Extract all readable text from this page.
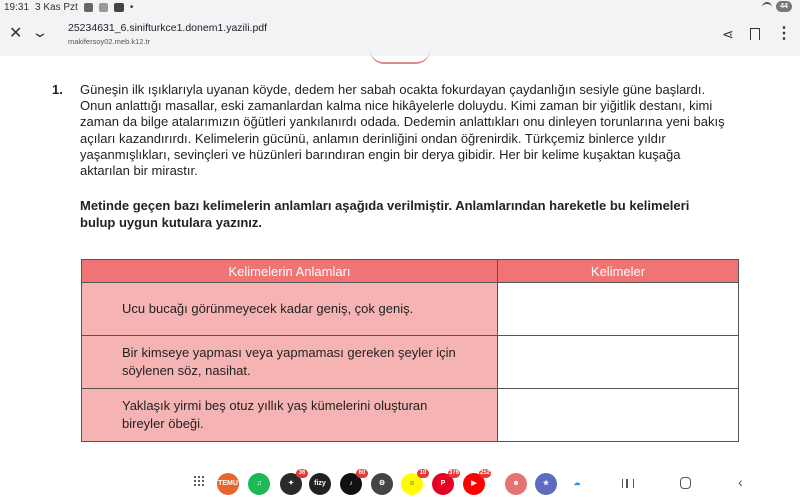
19:31 3 Kas Pzt	•	44
✕ ⌄ 25234631_6.sinifturkce1.donem1.yazili.pdf
makifersoy02.meb.k12.tr	⋖	⋮
1. Güneşin ilk ışıklarıyla uyanan köyde, dedem her sabah ocakta fokurdayan çaydanlığın sesiyle güne başlardı. Onun anlattığı masallar, eski zamanlardan kalma nice hikâyelerle doluydu. Kimi zaman bir yiğitlik destanı, kimi zaman da bilge atalarımızın öğütleri yankılanırdı odada. Dedemin anlattıkları onu dinleyen torunlarına yeni bakış açıları kazandırırdı. Kelimelerin gücünü, anlamın derinliğini ondan öğrenirdik. Türkçemiz binlerce yıldır yaşanmışlıkları, sevinçleri ve hüzünleri barındıran engin bir derya gibidir. Her bir kelime kuşaktan kuşağa aktarılan bir mirastır.
Metinde geçen bazı kelimelerin anlamları aşağıda verilmiştir. Anlamlarından hareketle bu kelimeleri bulup uygun kutulara yazınız.
Kelimelerin Anlamları	Kelimeler
Ucu bucağı görünmeyecek kadar geniş, çok geniş.	
Bir kimseye yapması veya yapmaması gereken şeyler için söylenen söz, nasihat.	
Yaklaşık yirmi beş otuz yıllık yaş kümelerini oluşturan bireyler öbeği.	
TEMU	♫	✦
36
fizy	♪
60
⚙	☺
10
P
376
▶
252
☻	★	☁	‹
